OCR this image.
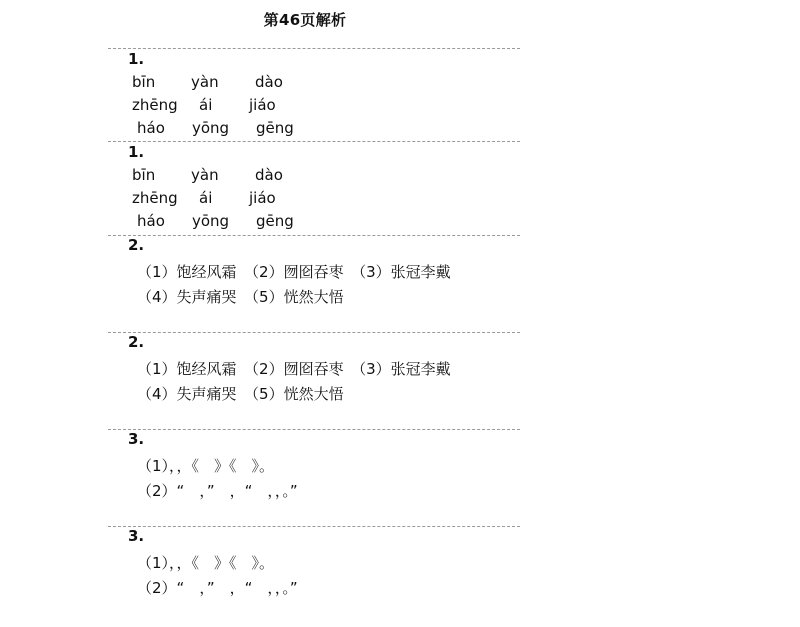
第46页解析
1.
bīn yàn dào
zhēng ái jiáo
háo yōng gēng
1.
bīn yàn dào
zhēng ái jiáo
háo yōng gēng
2.
（1）饱经风霜　（2）囫囵吞枣　（3）张冠李戴
（4）失声痛哭　（5）恍然大悟
2.
（1）饱经风霜　（2）囫囵吞枣　（3）张冠李戴
（4）失声痛哭　（5）恍然大悟
3.
（1），，《　》《　》。
（2）“　，”　，“　，，。”
3.
（1），，《　》《　》。
（2）“　，”　，“　，，。”
